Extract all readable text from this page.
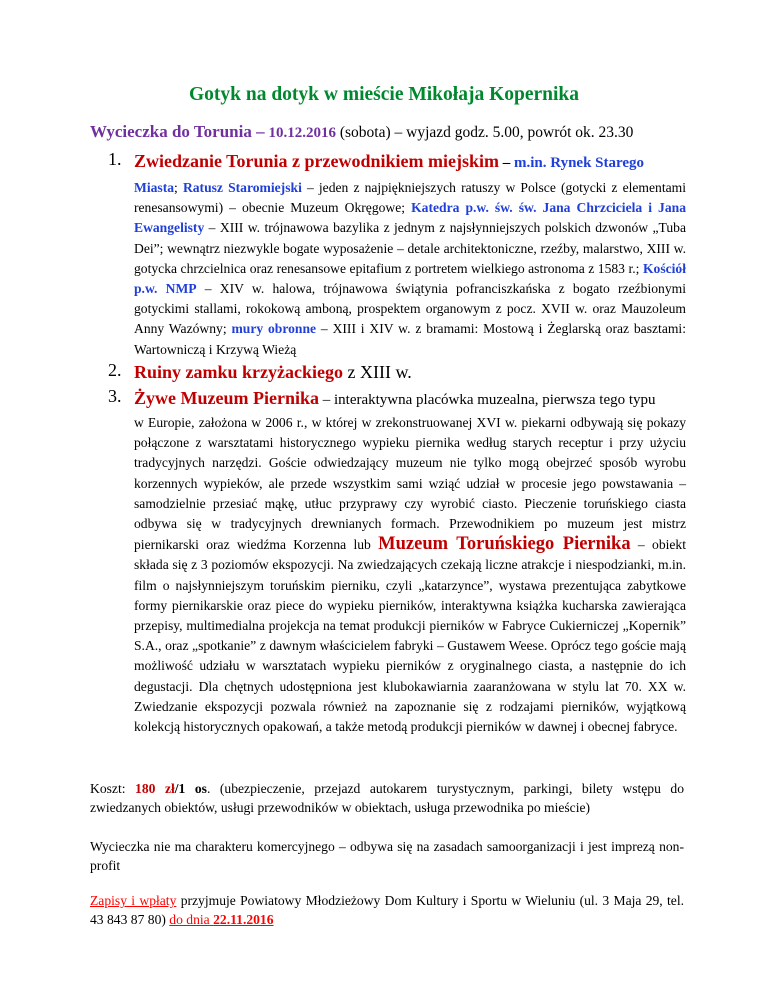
Gotyk na dotyk w mieście Mikołaja Kopernika
Wycieczka do Torunia – 10.12.2016 (sobota) – wyjazd godz. 5.00, powrót ok. 23.30
1. Zwiedzanie Torunia z przewodnikiem miejskim – m.in. Rynek Starego
Miasta; Ratusz Staromiejski – jeden z najpiękniejszych ratuszy w Polsce (gotycki z elementami renesansowymi) – obecnie Muzeum Okręgowe; Katedra p.w. św. św. Jana Chrzciciela i Jana Ewangelisty – XIII w. trójnawowa bazylika z jednym z najsłynniejszych polskich dzwonów „Tuba Dei”; wewnątrz niezwykle bogate wyposażenie – detale architektoniczne, rzeźby, malarstwo, XIII w. gotycka chrzcielnica oraz renesansowe epitafium z portretem wielkiego astronoma z 1583 r.; Kościół p.w. NMP – XIV w. halowa, trójnawowa świątynia pofranciszkańska z bogato rzeźbionymi gotyckimi stallami, rokokową amboną, prospektem organowym z pocz. XVII w. oraz Mauzoleum Anny Wazówny; mury obronne – XIII i XIV w. z bramami: Mostową i Żeglarską oraz basztami: Wartowniczą i Krzywą Wieżą
2. Ruiny zamku krzyżackiego z XIII w.
3. Żywe Muzeum Piernika – interaktywna placówka muzealna, pierwsza tego typu
w Europie, założona w 2006 r., w której w zrekonstruowanej XVI w. piekarni odbywają się pokazy połączone z warsztatami historycznego wypieku piernika według starych receptur i przy użyciu tradycyjnych narzędzi. Goście odwiedzający muzeum nie tylko mogą obejrzeć sposób wyrobu korzennych wypieków, ale przede wszystkim sami wziąć udział w procesie jego powstawania – samodzielnie przesiać mąkę, utłuc przyprawy czy wyrobić ciasto. Pieczenie toruńskiego ciasta odbywa się w tradycyjnych drewnianych formach. Przewodnikiem po muzeum jest mistrz piernikarski oraz wiedźma Korzenna lub Muzeum Toruńskiego Piernika – obiekt składa się z 3 poziomów ekspozycji. Na zwiedzających czekają liczne atrakcje i niespodzianki, m.in. film o najsłynniejszym toruńskim pierniku, czyli „katarzynce”, wystawa prezentująca zabytkowe formy piernikarskie oraz piece do wypieku pierników, interaktywna książka kucharska zawierająca przepisy, multimedialna projekcja na temat produkcji pierników w Fabryce Cukierniczej „Kopernik” S.A., oraz „spotkanie” z dawnym właścicielem fabryki – Gustawem Weese. Oprócz tego goście mają możliwość udziału w warsztatach wypieku pierników z oryginalnego ciasta, a następnie do ich degustacji. Dla chętnych udostępniona jest klubokawiarnia zaaranżowana w stylu lat 70. XX w. Zwiedzanie ekspozycji pozwala również na zapoznanie się z rodzajami pierników, wyjątkową kolekcją historycznych opakowań, a także metodą produkcji pierników w dawnej i obecnej fabryce.
Koszt: 180 zł/1 os. (ubezpieczenie, przejazd autokarem turystycznym, parkingi, bilety wstępu do zwiedzanych obiektów, usługi przewodników w obiektach, usługa przewodnika po mieście)
Wycieczka nie ma charakteru komercyjnego – odbywa się na zasadach samoorganizacji i jest imprezą non-profit
Zapisy i wpłaty przyjmuje Powiatowy Młodzieżowy Dom Kultury i Sportu w Wieluniu (ul. 3 Maja 29, tel. 43 843 87 80) do dnia 22.11.2016
